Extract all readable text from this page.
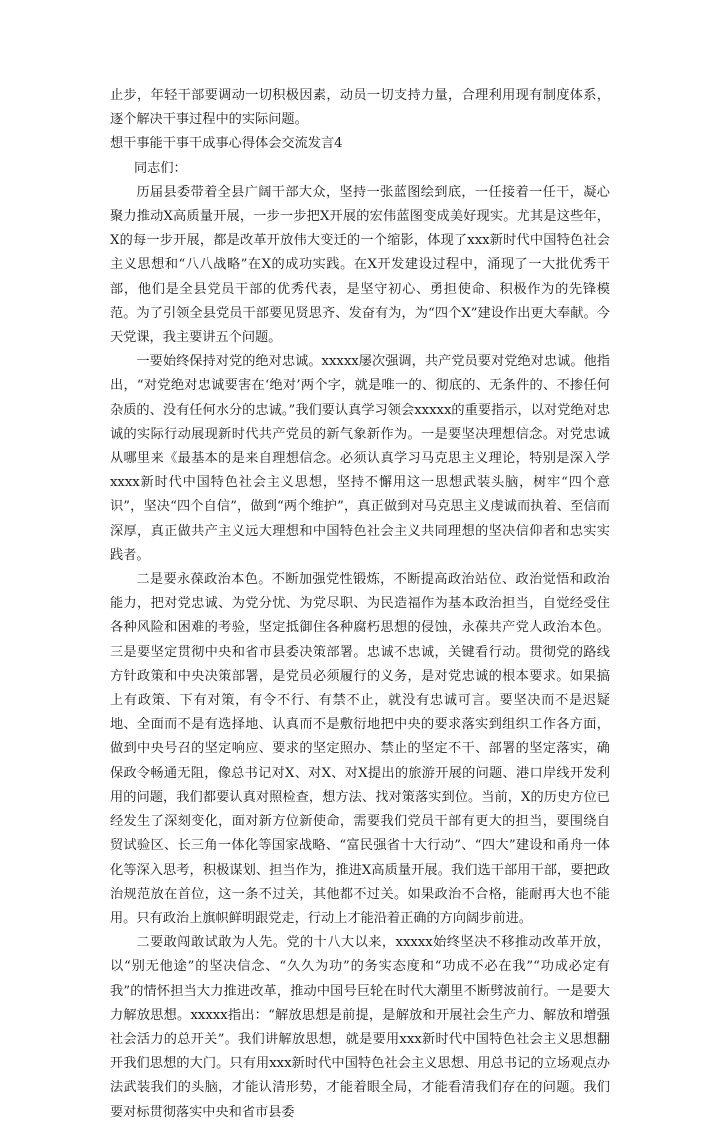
止步，年轻干部要调动一切积极因素，动员一切支持力量，合理利用现有制度体系，逐个解决干事过程中的实际问题。

想干事能干事干成事心得体会交流发言4

同志们：

历届县委带着全县广阔干部大众，坚持一张蓝图绘到底，一任接着一任干，凝心聚力推动X高质量开展，一步一步把X开展的宏伟蓝图变成美好现实。尤其是这些年，X的每一步开展，都是改革开放伟大变迁的一个缩影，体现了xxx新时代中国特色社会主义思想和“八八战略”在X的成功实践。在X开发建设过程中，涌现了一大批优秀干部，他们是全县党员干部的优秀代表，是坚守初心、勇担使命、积极作为的先锋模范。为了引领全县党员干部要见贤思齐、发奋有为，为“四个X”建设作出更大奉献。今天党课，我主要讲五个问题。

一要始终保持对党的绝对忠诚。xxxxx屡次强调，共产党员要对党绝对忠诚。他指出，“对党绝对忠诚要害在‘绝对’两个字，就是唯一的、彻底的、无条件的、不掺任何杂质的、没有任何水分的忠诚。”我们要认真学习领会xxxxx的重要指示，以对党绝对忠诚的实际行动展现新时代共产党员的新气象新作为。一是要坚决理想信念。对党忠诚从哪里来《最基本的是来自理想信念。必须认真学习马克思主义理论，特别是深入学xxxx新时代中国特色社会主义思想，坚持不懈用这一思想武装头脑，树牢“四个意识”，坚决“四个自信”，做到“两个维护”，真正做到对马克思主义虔诚而执着、至信而深厚，真正做共产主义远大理想和中国特色社会主义共同理想的坚决信仰者和忠实实践者。

二是要永葆政治本色。不断加强党性锻炼，不断提高政治站位、政治觉悟和政治能力，把对党忠诚、为党分忧、为党尽职、为民造福作为基本政治担当，自觉经受住各种风险和困难的考验，坚定抵御住各种腐朽思想的侵蚀，永葆共产党人政治本色。三是要坚定贯彻中央和省市县委决策部署。忠诚不忠诚，关键看行动。贯彻党的路线方针政策和中央决策部署，是党员必须履行的义务，是对党忠诚的根本要求。如果搞上有政策、下有对策，有令不行、有禁不止，就没有忠诚可言。要坚决而不是迟疑地、全面而不是有选择地、认真而不是敷衍地把中央的要求落实到组织工作各方面，做到中央号召的坚定响应、要求的坚定照办、禁止的坚定不干、部署的坚定落实，确保政令畅通无阻，像总书记对X、对X、对X提出的旅游开展的问题、港口岸线开发利用的问题，我们都要认真对照检查，想方法、找对策落实到位。当前，X的历史方位已经发生了深刻变化，面对新方位新使命，需要我们党员干部有更大的担当，要围绕自贸试验区、长三角一体化等国家战略、“富民强省十大行动”、“四大”建设和甬舟一体化等深入思考，积极谋划、担当作为，推进X高质量开展。我们选干部用干部，要把政治规范放在首位，这一条不过关，其他都不过关。如果政治不合格，能耐再大也不能用。只有政治上旗帜鲜明跟党走，行动上才能沿着正确的方向阔步前进。

二要敢闯敢试敢为人先。党的十八大以来，xxxxx始终坚决不移推动改革开放，以“别无他途”的坚决信念、“久久为功”的务实态度和“功成不必在我”“功成必定有我”的情怀担当大力推进改革，推动中国号巨轮在时代大潮里不断劈波前行。一是要大力解放思想。xxxxx指出：“解放思想是前提，是解放和开展社会生产力、解放和增强社会活力的总开关”。我们讲解放思想，就是要用xxx新时代中国特色社会主义思想翻开我们思想的大门。只有用xxx新时代中国特色社会主义思想、用总书记的立场观点办法武装我们的头脑，才能认清形势，才能着眼全局，才能看清我们存在的问题。我们要对标贯彻落实中央和省市县委
